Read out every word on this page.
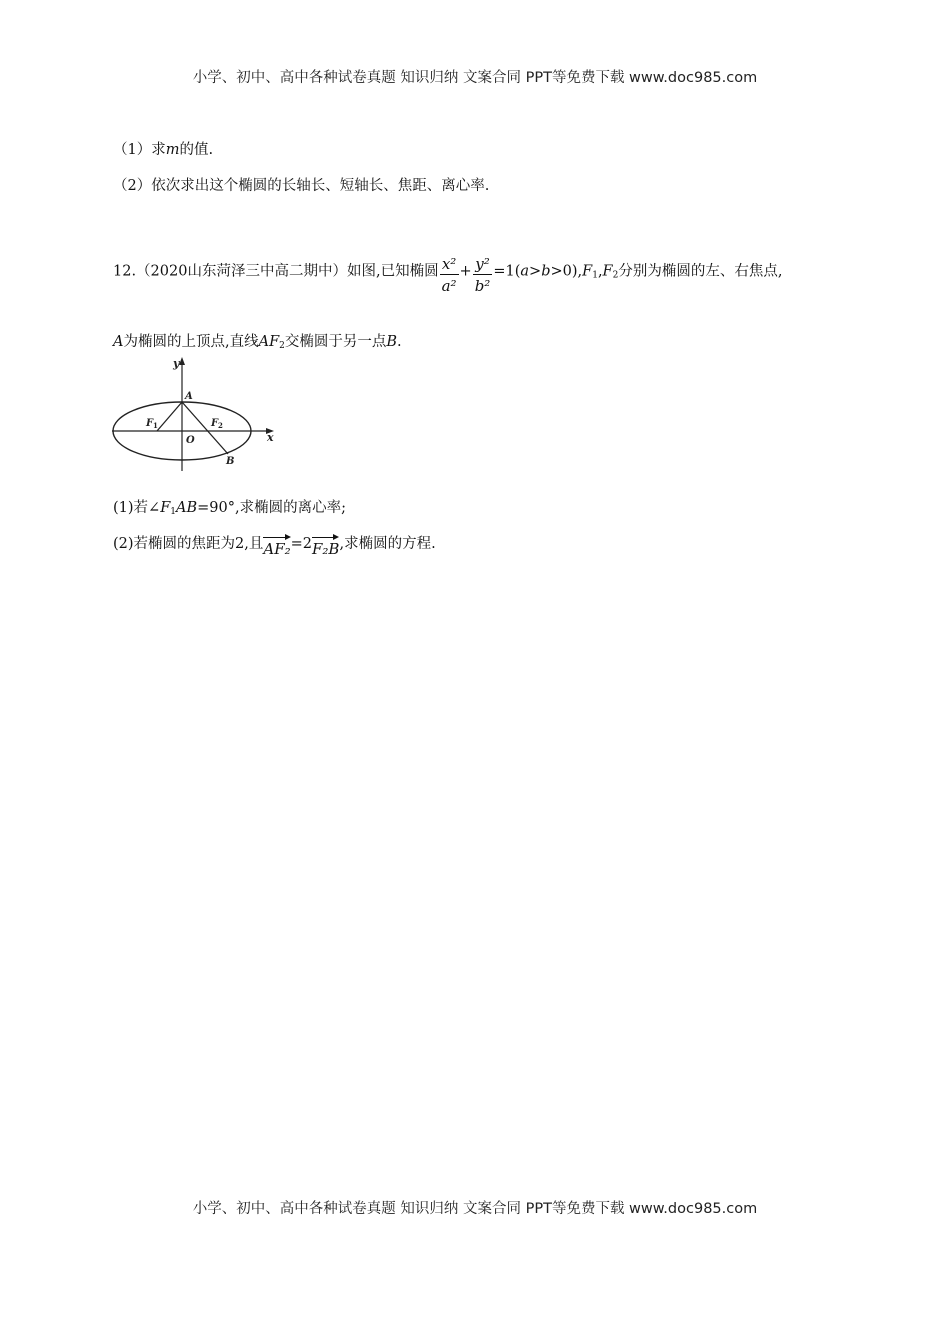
小学、初中、高中各种试卷真题 知识归纳 文案合同 PPT等免费下载 www.doc985.com
（1）求m的值.
（2）依次求出这个椭圆的长轴长、短轴长、焦距、离心率.
12.（2020山东菏泽三中高二期中）如图,已知椭圆 $\frac{\text{x²}}{\text{a²}} + \frac{\text{y²}}{\text{b²}} =1(a>b>0),F_1,F_2$分别为椭圆的左、右焦点,
A为椭圆的上顶点,直线$AF_2$交椭圆于另一点B.
y
x
A
F 1	F 2
O
B
(1)若$\angle F_1AB=90^\circ$,求椭圆的离心率;
(2)若椭圆的焦距为2,且AF₂=2F₂B,求椭圆的方程.
小学、初中、高中各种试卷真题 知识归纳 文案合同 PPT等免费下载 www.doc985.com
